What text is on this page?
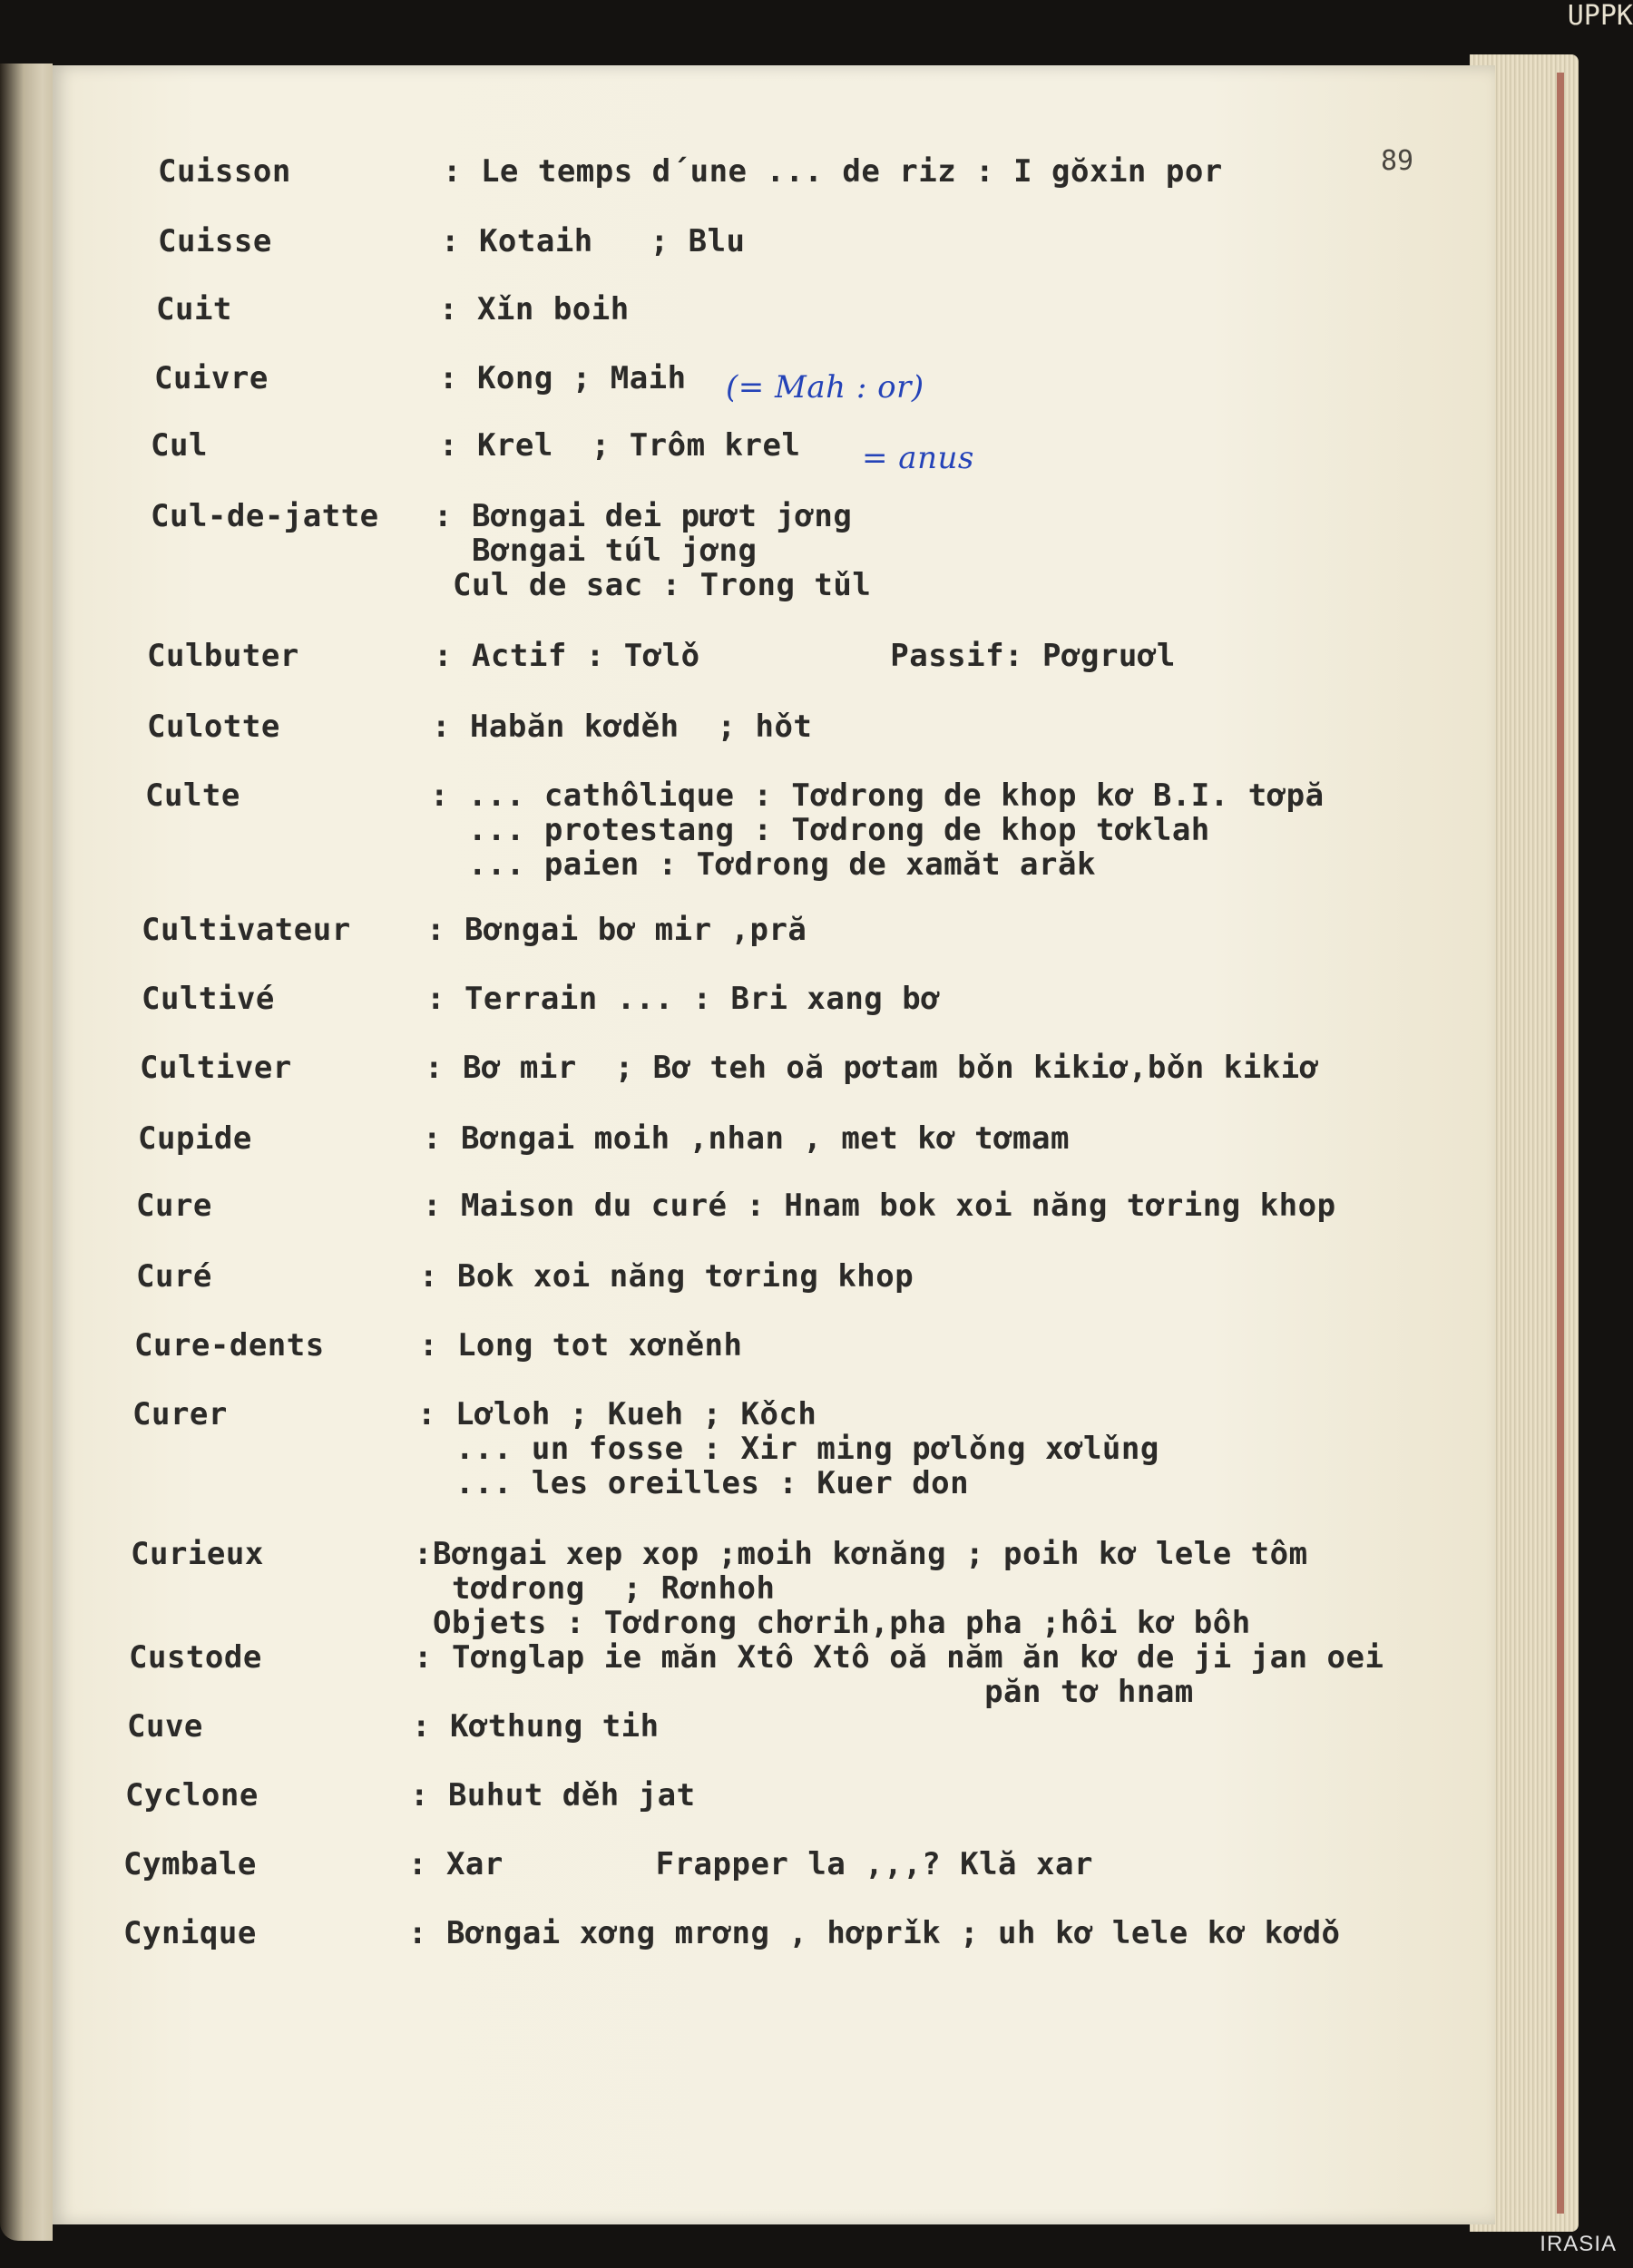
UPPK
89
Cuisson	: Le temps d´une ... de riz : I gŏxin por
Cuisse	: Kotaih   ; Blu
Cuit	: Xǐn boih
Cuivre	: Kong ; Maih (= Mah : or)
Cul	: Krel  ; Trôm krel = anus
Cul-de-jatte : Bơngai dei pươt jơng
Bơngai túl jơng
Cul de sac : Trong tǔl
Culbuter	: Actif : Tơlǒ          Passif: Pơgruơl
Culotte	: Habăn kơděh  ; hǒt
Culte	: ... cathôlique : Tơdrong de khop kơ B.I. tơpă
... protestang : Tơdrong de khop tơklah
... paien : Tơdrong de xamăt arăk
Cultivateur : Bơngai bơ mir ,pră
Cultivé	: Terrain ... : Bri xang bơ
Cultiver	: Bơ mir  ; Bơ teh oă pơtam bǒn kikiơ,bǒn kikiơ
Cupide	: Bơngai moih ,nhan , met kơ tơmam
Cure	: Maison du curé : Hnam bok xoi năng tơring khop
Curé	: Bok xoi năng tơring khop
Cure-dents	: Long tot xơněnh
Curer	: Lơloh ; Kueh ; Kǒch
... un fosse : Xir ming pơlǒng xơlǔng
... les oreilles : Kuer don
Curieux	:Bơngai xep xop ;moih kơnăng ; poih kơ lele tôm
tơdrong  ; Rơnhoh
Objets : Tơdrong chơrih,pha pha ;hôi kơ bôh
Custode	: Tơnglap ie măn Xtô Xtô oă năm ăn kơ de ji jan oei
păn tơ hnam
Cuve	: Kơthung tih
Cyclone	: Buhut děh jat
Cymbale	: Xar        Frapper la ,,,? Klă xar
Cynique	: Bơngai xơng mrơng , hơprǐk ; uh kơ lele kơ kơdǒ
IRASIA
